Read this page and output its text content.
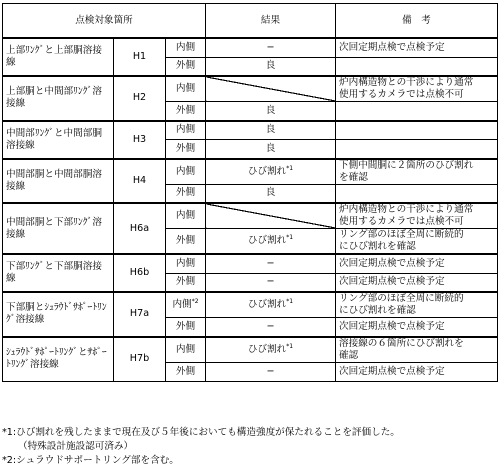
点検対象箇所			結果	備　考
上部ﾘﾝｸﾞと上部胴溶接線	H1	内側	−	次回定期点検で点検予定

		外側	良	
上部胴と中間部ﾘﾝｸﾞ溶接線	H2	内側		炉内構造物との干渉により通常
使用するカメラでは点検不可

		外側	良	
中間部ﾘﾝｸﾞと中間部胴溶接線	H3	内側	良	
		外側	良	
中間部胴と中間部胴溶接線	H4	内側	ひび割れ$^{*1}$	下側中間胴に２箇所のひび割れ
を確認

		外側	良	
中間部胴と下部ﾘﾝｸﾞ溶接線	H6a	内側		炉内構造物との干渉により通常
使用するカメラでは点検不可

		外側	ひび割れ$^{*1}$	リング部のほぼ全周に断続的
にひび割れを確認

下部ﾘﾝｸﾞと下部胴溶接線	H6b	内側	−	次回定期点検で点検予定

		外側	−	次回定期点検で点検予定

下部胴とｼｭﾗｳﾄﾞｻﾎﾟｰﾄﾘﾝｸﾞ溶接線	H7a	内側$^{*2}$	ひび割れ$^{*1}$	リング部のほぼ全周に断続的
にひび割れを確認

		外側	−	次回定期点検で点検予定

ｼｭﾗｳﾄﾞｻﾎﾟｰﾄﾘﾝｸﾞとｻﾎﾟｰﾄﾘﾝｸﾞ溶接線	H7b	内側	ひび割れ$^{*1}$	溶接線の６箇所にひび割れを
確認

		外側	−	次回定期点検で点検予定
*1:ひび割れを残したままで現在及び５年後においても構造強度が保たれることを評価した。
（特殊設計施設認可済み）
*2:シュラウドサポートリング部を含む。
